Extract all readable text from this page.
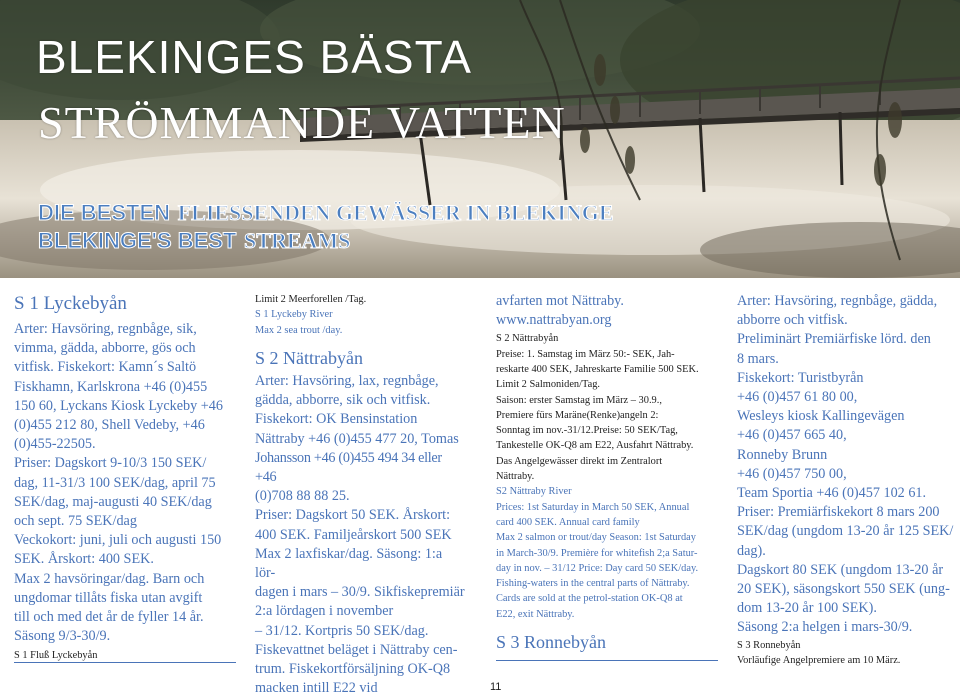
BLEKINGES BÄSTA
STRÖMMANDE VATTEN
DIE BESTEN FLIESSENDEN GEWÄSSER IN BLEKINGE
BLEKINGE'S BEST STREAMS
S 1 Lyckebyån
Arter: Havsöring, regnbåge, sik,
vimma, gädda, abborre, gös och
vitfisk. Fiskekort: Kamn´s Saltö
Fiskhamn, Karlskrona +46 (0)455
150 60, Lyckans Kiosk Lyckeby +46
(0)455 212 80, Shell Vedeby, +46
(0)455-22505.
Priser: Dagskort 9-10/3 150 SEK/
dag, 11-31/3 100 SEK/dag, april 75
SEK/dag, maj-augusti 40 SEK/dag
och sept. 75 SEK/dag
Veckokort: juni, juli och augusti 150
SEK. Årskort: 400 SEK.
Max 2 havsöringar/dag. Barn och
ungdomar tillåts fiska utan avgift
till och med det år de fyller 14 år.
Säsong 9/3-30/9.
S 1 Fluß Lyckebyån
Limit 2 Meerforellen /Tag.
S 1 Lyckeby River
Max 2 sea trout /day.
S 2 Nättrabyån
Arter: Havsöring, lax, regnbåge,
gädda, abborre, sik och vitfisk.
Fiskekort: OK Bensinstation
Nättraby +46 (0)455 477 20, Tomas
Johansson +46 (0)455 494 34 eller +46
(0)708 88 88 25.
Priser: Dagskort 50 SEK. Årskort:
400 SEK. Familjeårskort 500 SEK
Max 2 laxfiskar/dag. Säsong: 1:a lör-
dagen i mars – 30/9. Sikfiskepremiär
2:a lördagen i november
– 31/12. Kortpris 50 SEK/dag.
Fiskevattnet beläget i Nättraby cen-
trum. Fiskekortförsäljning OK-Q8
macken intill E22 vid
avfarten mot Nättraby.
www.nattrabyan.org
S 2 Nättrabyån
Preise: 1. Samstag im März 50:- SEK, Jah-
reskarte 400 SEK, Jahreskarte Familie 500 SEK.
Limit 2 Salmoniden/Tag.
Saison: erster Samstag im März – 30.9.,
Premiere fürs Maräne(Renke)angeln 2:
Sonntag im nov.-31/12.Preise: 50 SEK/Tag,
Tankestelle OK-Q8 am E22, Ausfahrt Nättraby.
Das Angelgewässer direkt im Zentralort
Nättraby.
S2 Nättraby River
Prices: 1st Saturday in March 50 SEK, Annual
card 400 SEK. Annual card family
Max 2 salmon or trout/day Season: 1st Saturday
in March-30/9. Première for whitefish 2;a Satur-
day in nov. – 31/12 Price: Day card 50 SEK/day.
Fishing-waters in the central parts of Nättraby.
Cards are sold at the petrol-station OK-Q8 at
E22, exit Nättraby.
S 3 Ronnebyån
Arter: Havsöring, regnbåge, gädda,
abborre och vitfisk.
Preliminärt Premiärfiske lörd. den
8 mars.
Fiskekort: Turistbyrån
+46 (0)457 61 80 00,
Wesleys kiosk Kallingevägen
+46 (0)457 665 40,
Ronneby Brunn
+46 (0)457 750 00,
Team Sportia +46 (0)457 102 61.
Priser: Premiärfiskekort 8 mars 200
SEK/dag (ungdom 13-20 år 125 SEK/
dag).
Dagskort 80 SEK (ungdom 13-20 år
20 SEK), säsongskort 550 SEK (ung-
dom 13-20 år 100 SEK).
Säsong 2:a helgen i mars-30/9.
S 3 Ronnebyån
Vorläufige Angelpremiere am 10 März.
11
